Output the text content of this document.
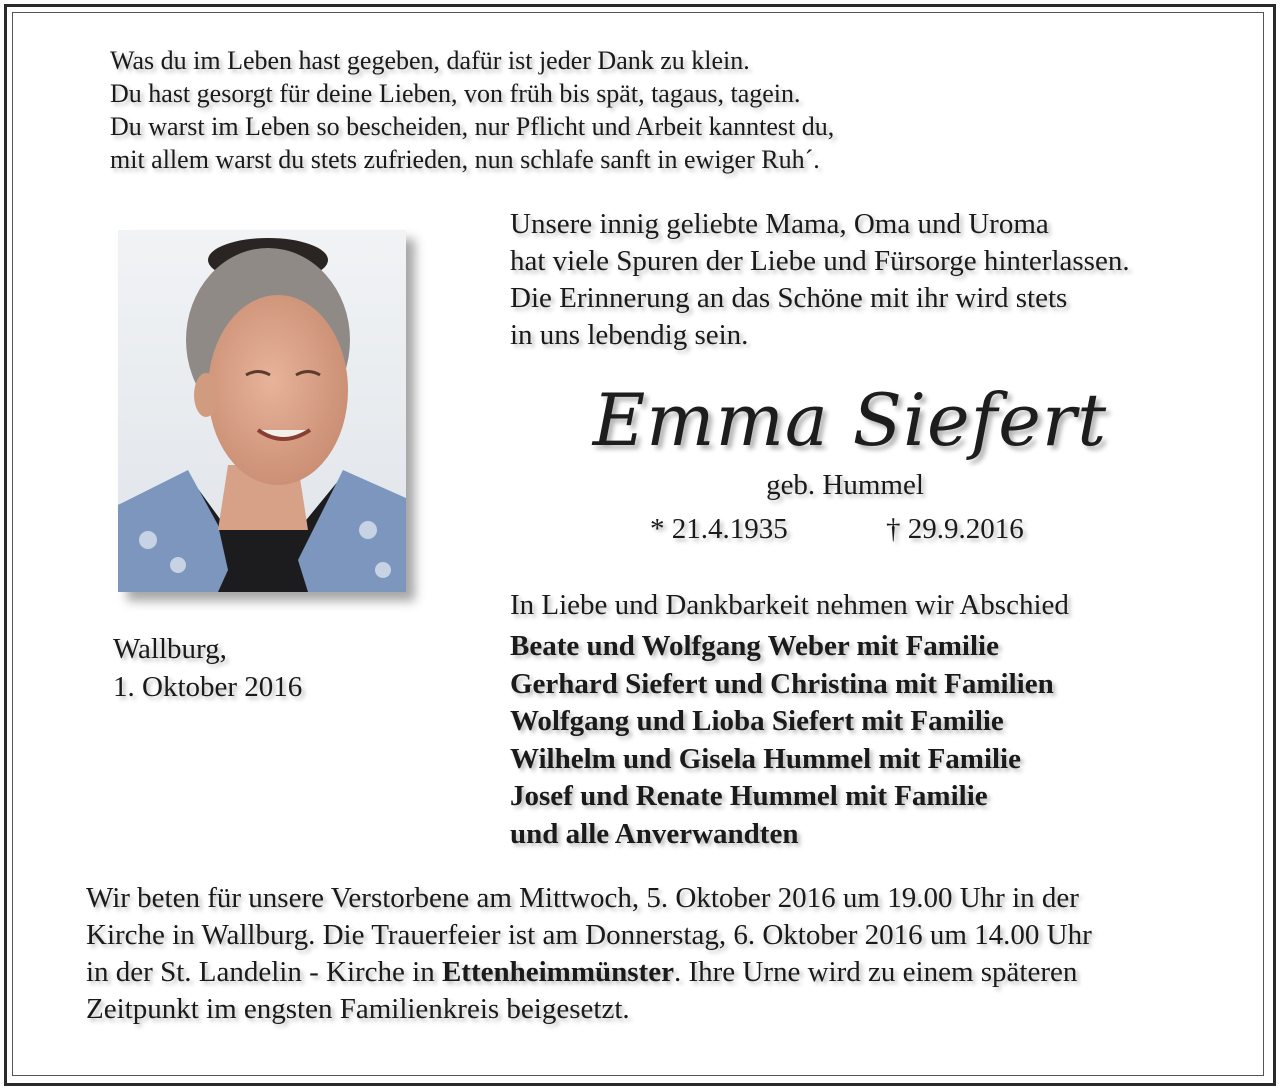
Was du im Leben hast gegeben, dafür ist jeder Dank zu klein.
Du hast gesorgt für deine Lieben, von früh bis spät, tagaus, tagein.
Du warst im Leben so bescheiden, nur Pflicht und Arbeit kanntest du,
mit allem warst du stets zufrieden, nun schlafe sanft in ewiger Ruh´.
Unsere innig geliebte Mama, Oma und Uroma
hat viele Spuren der Liebe und Fürsorge hinterlassen.
Die Erinnerung an das Schöne mit ihr wird stets
in uns lebendig sein.
Emma Siefert
geb. Hummel
* 21.4.1935	† 29.9.2016
Wallburg,
1. Oktober 2016
In Liebe und Dankbarkeit nehmen wir Abschied
Beate und Wolfgang Weber mit Familie
Gerhard Siefert und Christina mit Familien
Wolfgang und Lioba Siefert mit Familie
Wilhelm und Gisela Hummel mit Familie
Josef und Renate Hummel mit Familie
und alle Anverwandten
Wir beten für unsere Verstorbene am Mittwoch, 5. Oktober 2016 um 19.00 Uhr in der
Kirche in Wallburg. Die Trauerfeier ist am Donnerstag, 6. Oktober 2016 um 14.00 Uhr
in der St. Landelin - Kirche in Ettenheimmünster. Ihre Urne wird zu einem späteren
Zeitpunkt im engsten Familienkreis beigesetzt.
